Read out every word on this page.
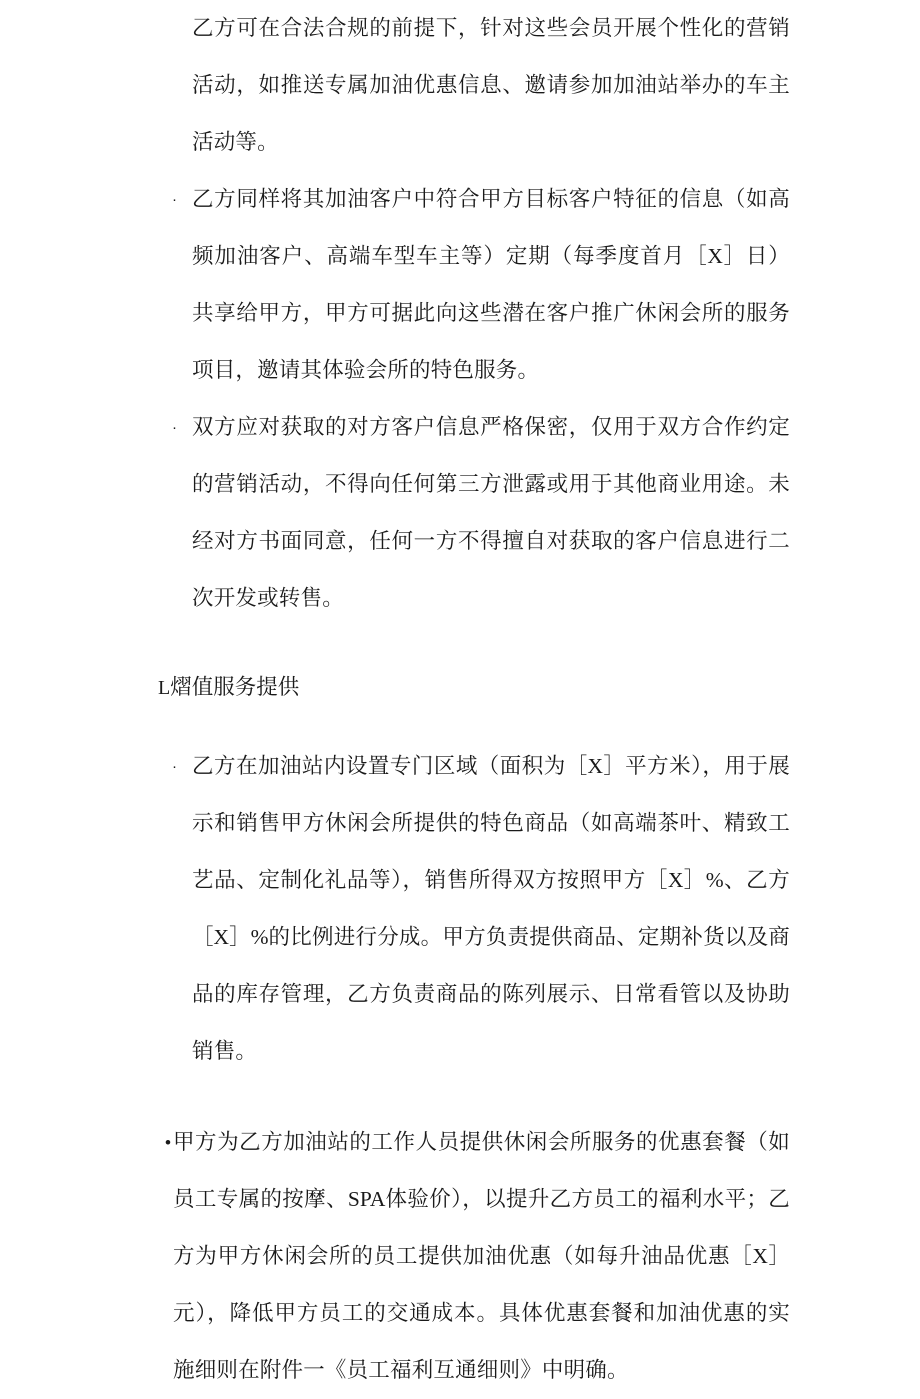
乙方可在合法合规的前提下，针对这些会员开展个性化的营销活动，如推送专属加油优惠信息、邀请参加加油站举办的车主活动等。

· 乙方同样将其加油客户中符合甲方目标客户特征的信息（如高频加油客户、高端车型车主等）定期（每季度首月［X］日）共享给甲方，甲方可据此向这些潜在客户推广休闲会所的服务项目，邀请其体验会所的特色服务。
· 双方应对获取的对方客户信息严格保密，仅用于双方合作约定的营销活动，不得向任何第三方泄露或用于其他商业用途。未经对方书面同意，任何一方不得擅自对获取的客户信息进行二次开发或转售。
L熠值服务提供
· 乙方在加油站内设置专门区域（面积为［X］平方米），用于展示和销售甲方休闲会所提供的特色商品（如高端茶叶、精致工艺品、定制化礼品等），销售所得双方按照甲方［X］%、乙方［X］%的比例进行分成。甲方负责提供商品、定期补货以及商品的库存管理，乙方负责商品的陈列展示、日常看管以及协助销售。
• 甲方为乙方加油站的工作人员提供休闲会所服务的优惠套餐（如员工专属的按摩、SPA体验价），以提升乙方员工的福利水平；乙方为甲方休闲会所的员工提供加油优惠（如每升油品优惠［X］元），降低甲方员工的交通成本。具体优惠套餐和加油优惠的实施细则在附件一《员工福利互通细则》中明确。
